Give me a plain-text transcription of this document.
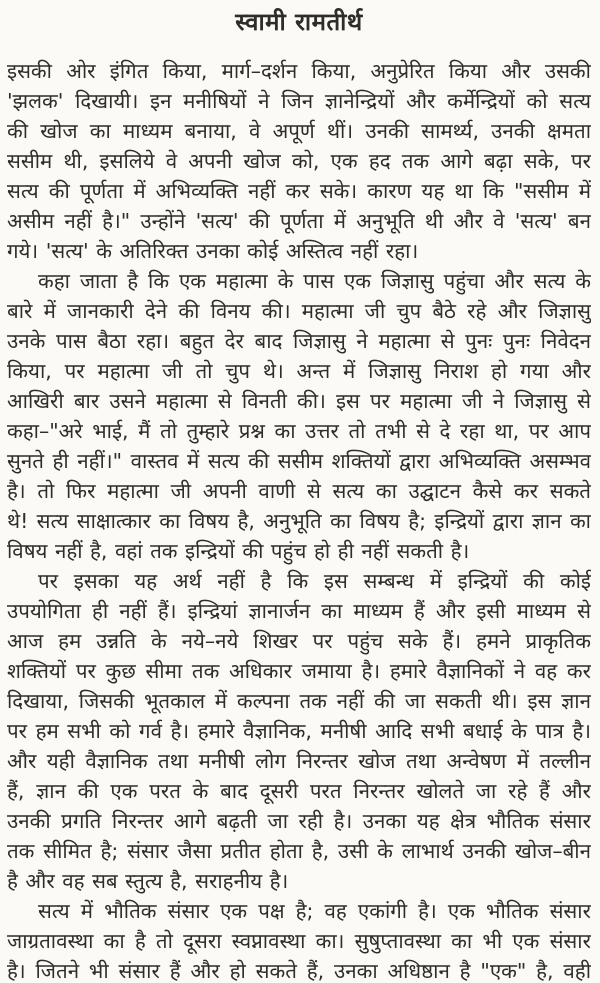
स्वामी रामतीर्थ
इसकी ओर इंगित किया, मार्ग–दर्शन किया, अनुप्रेरित किया और उसकी
'झलक' दिखायी। इन मनीषियों ने जिन ज्ञानेन्द्रियों और कर्मेन्द्रियों को सत्य
की खोज का माध्यम बनाया, वे अपूर्ण थीं। उनकी सामर्थ्य, उनकी क्षमता
ससीम थी, इसलिये वे अपनी खोज को, एक हद तक आगे बढ़ा सके, पर
सत्य की पूर्णता में अभिव्यक्ति नहीं कर सके। कारण यह था कि "ससीम में
असीम नहीं है।" उन्होंने 'सत्य' की पूर्णता में अनुभूति थी और वे 'सत्य' बन
गये। 'सत्य' के अतिरिक्त उनका कोई अस्तित्व नहीं रहा।
कहा जाता है कि एक महात्मा के पास एक जिज्ञासु पहुंचा और सत्य के
बारे में जानकारी देने की विनय की। महात्मा जी चुप बैठे रहे और जिज्ञासु
उनके पास बैठा रहा। बहुत देर बाद जिज्ञासु ने महात्मा से पुनः पुनः निवेदन
किया, पर महात्मा जी तो चुप थे। अन्त में जिज्ञासु निराश हो गया और
आखिरी बार उसने महात्मा से विनती की। इस पर महात्मा जी ने जिज्ञासु से
कहा–"अरे भाई, मैं तो तुम्हारे प्रश्न का उत्तर तो तभी से दे रहा था, पर आप
सुनते ही नहीं।" वास्तव में सत्य की ससीम शक्तियों द्वारा अभिव्यक्ति असम्भव
है। तो फिर महात्मा जी अपनी वाणी से सत्य का उद्घाटन कैसे कर सकते
थे! सत्य साक्षात्कार का विषय है, अनुभूति का विषय है; इन्द्रियों द्वारा ज्ञान का
विषय नहीं है, वहां तक इन्द्रियों की पहुंच हो ही नहीं सकती है।
पर इसका यह अर्थ नहीं है कि इस सम्बन्ध में इन्द्रियों की कोई
उपयोगिता ही नहीं हैं। इन्द्रियां ज्ञानार्जन का माध्यम हैं और इसी माध्यम से
आज हम उन्नति के नये–नये शिखर पर पहुंच सके हैं। हमने प्राकृतिक
शक्तियों पर कुछ सीमा तक अधिकार जमाया है। हमारे वैज्ञानिकों ने वह कर
दिखाया, जिसकी भूतकाल में कल्पना तक नहीं की जा सकती थी। इस ज्ञान
पर हम सभी को गर्व है। हमारे वैज्ञानिक, मनीषी आदि सभी बधाई के पात्र है।
और यही वैज्ञानिक तथा मनीषी लोग निरन्तर खोज तथा अन्वेषण में तल्लीन
हैं, ज्ञान की एक परत के बाद दूसरी परत निरन्तर खोलते जा रहे हैं और
उनकी प्रगति निरन्तर आगे बढ़ती जा रही है। उनका यह क्षेत्र भौतिक संसार
तक सीमित है; संसार जैसा प्रतीत होता है, उसी के लाभार्थ उनकी खोज–बीन
है और वह सब स्तुत्य है, सराहनीय है।
सत्य में भौतिक संसार एक पक्ष है; वह एकांगी है। एक भौतिक संसार
जाग्रतावस्था का है तो दूसरा स्वप्नावस्था का। सुषुप्तावस्था का भी एक संसार
है। जितने भी संसार हैं और हो सकते हैं, उनका अधिष्ठान है "एक" है, वही
